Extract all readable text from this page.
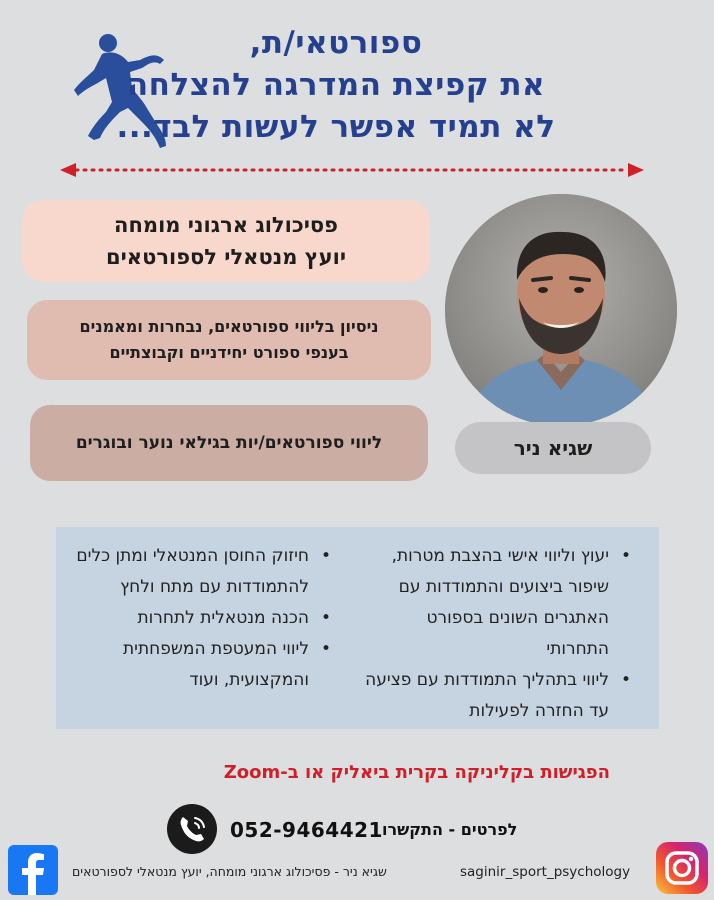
ספורטאי/ת,
את קפיצת המדרגה להצלחה
לא תמיד אפשר לעשות לבד...
פסיכולוג ארגוני מומחה
יועץ מנטאלי לספורטאים
ניסיון בליווי ספורטאים, נבחרות ומאמנים
בענפי ספורט יחידניים וקבוצתיים
ליווי ספורטאים/יות בגילאי נוער ובוגרים	שגיא ניר
• יעוץ וליווי אישי בהצבת מטרות, שיפור ביצועים והתמודדות עם האתגרים השונים בספורט התחרותי
• ליווי בתהליך התמודדות עם פציעה עד החזרה לפעילות
• חיזוק החוסן המנטאלי ומתן כלים להתמודדות עם מתח ולחץ
• הכנה מנטאלית לתחרות
• ליווי המעטפת המשפחתית והמקצועית, ועוד
הפגישות בקליניקה בקרית ביאליק או ב-Zoom
052-9464421 לפרטים - התקשרו
שגיא ניר - פסיכולוג ארגוני מומחה, יועץ מנטאלי לספורטאים	saginir_sport_psychology
